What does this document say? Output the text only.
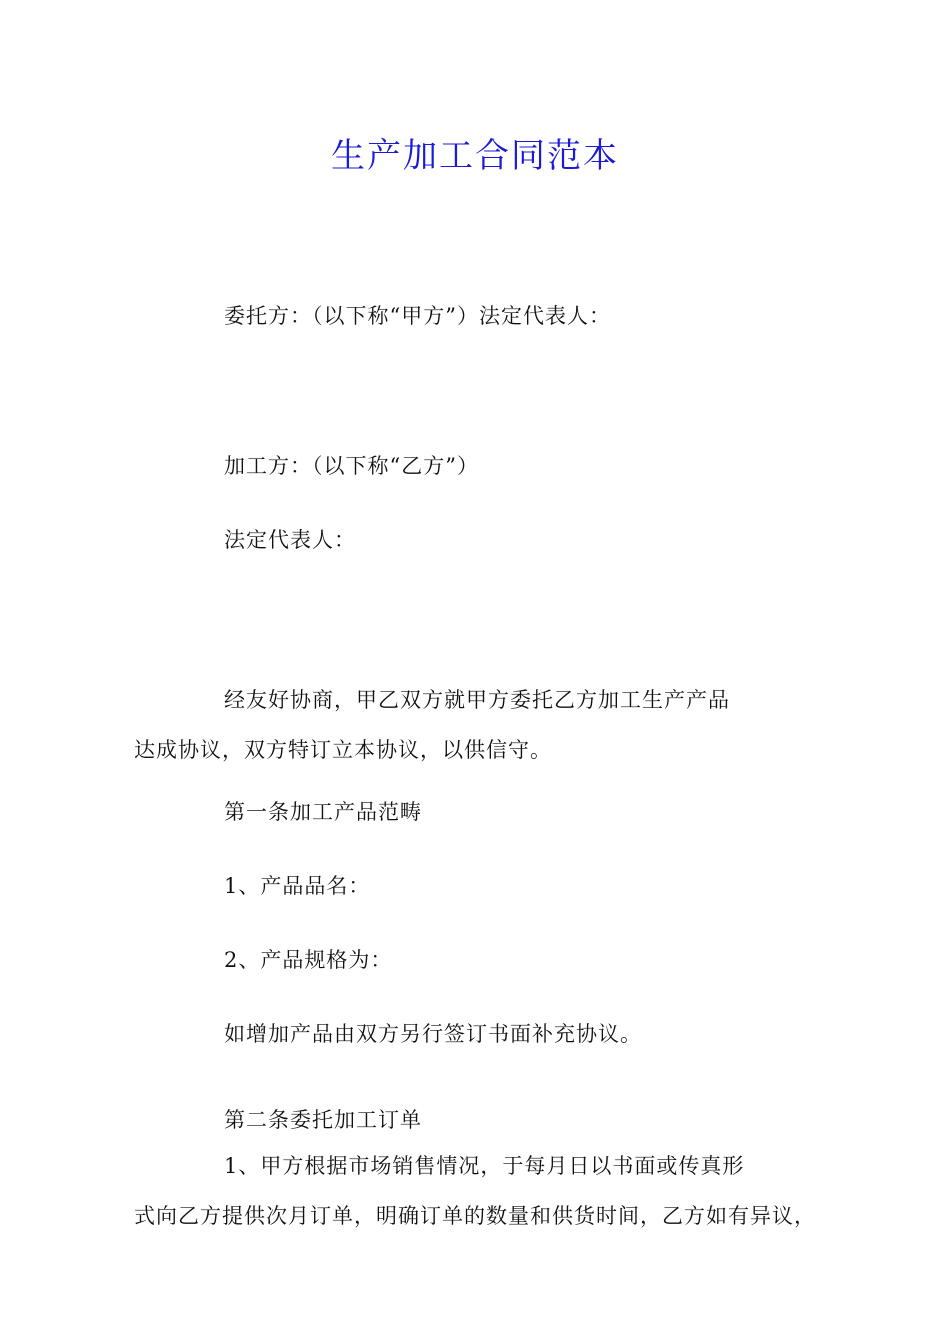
生产加工合同范本
委托方：（以下称“甲方”）法定代表人：
加工方：（以下称“乙方”）
法定代表人：
经友好协商，甲乙双方就甲方委托乙方加工生产产品
达成协议，双方特订立本协议，以供信守。
第一条加工产品范畴
1、产品品名：
2、产品规格为：
如增加产品由双方另行签订书面补充协议。
第二条委托加工订单
1、甲方根据市场销售情况，于每月日以书面或传真形
式向乙方提供次月订单，明确订单的数量和供货时间，乙方如有异议，
